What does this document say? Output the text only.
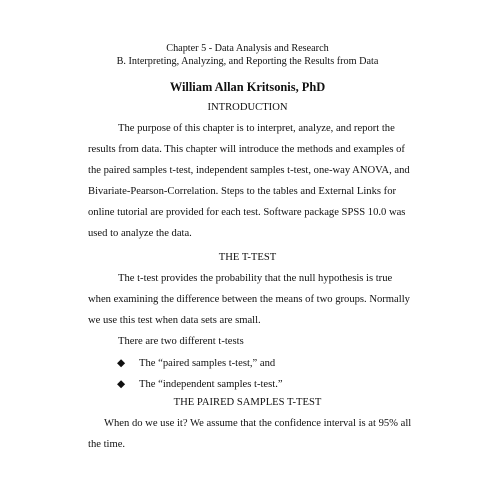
Chapter 5 - Data Analysis and Research
B. Interpreting, Analyzing, and Reporting the Results from Data
William Allan Kritsonis, PhD
INTRODUCTION
The purpose of this chapter is to interpret, analyze, and report the
results from data. This chapter will introduce the methods and examples of
the paired samples t-test, independent samples t-test, one-way ANOVA, and
Bivariate-Pearson-Correlation. Steps to the tables and External Links for
online tutorial are provided for each test. Software package SPSS 10.0 was
used to analyze the data.
THE T-TEST
The t-test provides the probability that the null hypothesis is true
when examining the difference between the means of two groups. Normally
we use this test when data sets are small.
There are two different t-tests
◆ The “paired samples t-test,” and
◆ The “independent samples t-test.”
THE PAIRED SAMPLES T-TEST
When do we use it? We assume that the confidence interval is at 95% all
the time.
